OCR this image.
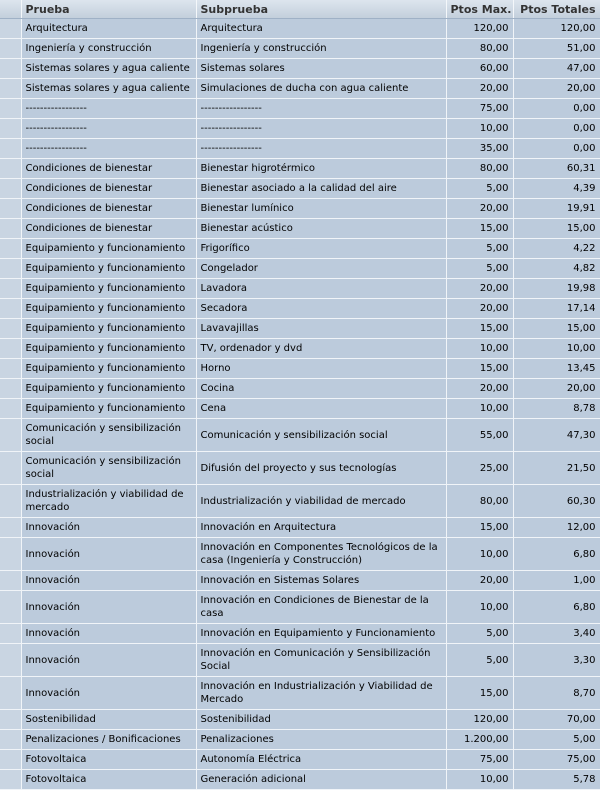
	Prueba	Subprueba	Ptos Max.	Ptos Totales
	Arquitectura	Arquitectura	120,00	120,00
	Ingeniería y construcción	Ingeniería y construcción	80,00	51,00
	Sistemas solares y agua caliente	Sistemas solares	60,00	47,00
	Sistemas solares y agua caliente	Simulaciones de ducha con agua caliente	20,00	20,00
	-----------------	-----------------	75,00	0,00
	-----------------	-----------------	10,00	0,00
	-----------------	-----------------	35,00	0,00
	Condiciones de bienestar	Bienestar higrotérmico	80,00	60,31
	Condiciones de bienestar	Bienestar asociado a la calidad del aire	5,00	4,39
	Condiciones de bienestar	Bienestar lumínico	20,00	19,91
	Condiciones de bienestar	Bienestar acústico	15,00	15,00
	Equipamiento y funcionamiento	Frigorífico	5,00	4,22
	Equipamiento y funcionamiento	Congelador	5,00	4,82
	Equipamiento y funcionamiento	Lavadora	20,00	19,98
	Equipamiento y funcionamiento	Secadora	20,00	17,14
	Equipamiento y funcionamiento	Lavavajillas	15,00	15,00
	Equipamiento y funcionamiento	TV, ordenador y dvd	10,00	10,00
	Equipamiento y funcionamiento	Horno	15,00	13,45
	Equipamiento y funcionamiento	Cocina	20,00	20,00
	Equipamiento y funcionamiento	Cena	10,00	8,78
	Comunicación y sensibilización social	Comunicación y sensibilización social	55,00	47,30
	Comunicación y sensibilización social	Difusión del proyecto y sus tecnologías	25,00	21,50
	Industrialización y viabilidad de mercado	Industrialización y viabilidad de mercado	80,00	60,30
	Innovación	Innovación en Arquitectura	15,00	12,00
	Innovación	Innovación en Componentes Tecnológicos de la casa (Ingeniería y Construcción)	10,00	6,80
	Innovación	Innovación en Sistemas Solares	20,00	1,00
	Innovación	Innovación en Condiciones de Bienestar de la casa	10,00	6,80
	Innovación	Innovación en Equipamiento y Funcionamiento	5,00	3,40
	Innovación	Innovación en Comunicación y Sensibilización Social	5,00	3,30
	Innovación	Innovación en Industrialización y Viabilidad de Mercado	15,00	8,70
	Sostenibilidad	Sostenibilidad	120,00	70,00
	Penalizaciones / Bonificaciones	Penalizaciones	1.200,00	5,00
	Fotovoltaica	Autonomía Eléctrica	75,00	75,00
	Fotovoltaica	Generación adicional	10,00	5,78
